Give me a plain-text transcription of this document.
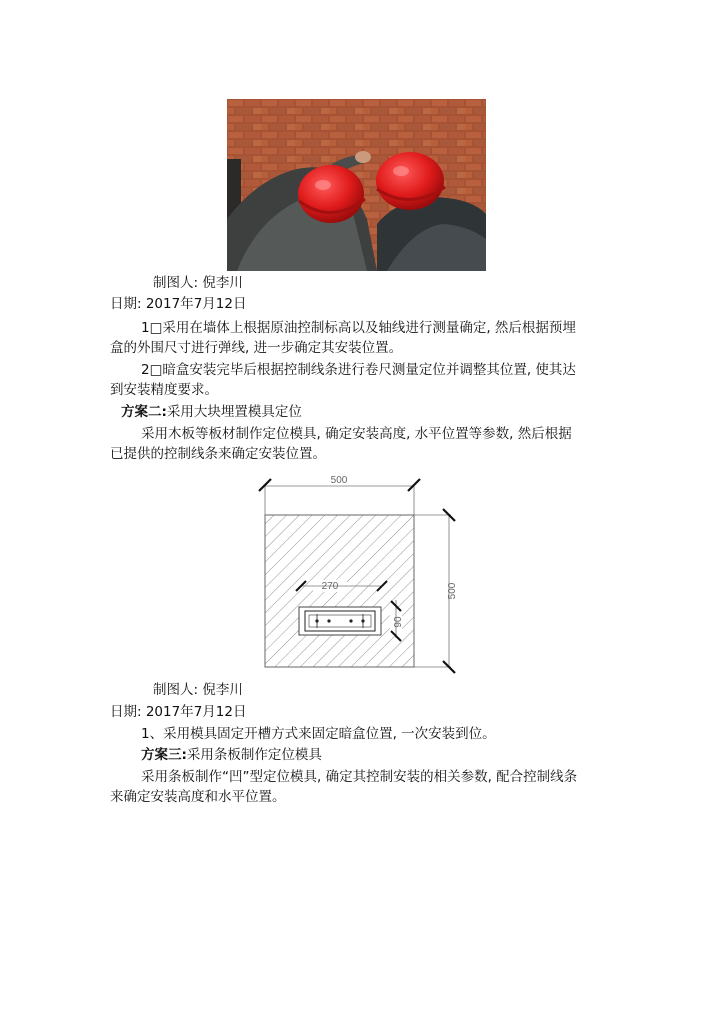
制图人: 倪李川
日期: 2017年7月12日
1□采用在墙体上根据原油控制标高以及轴线进行测量确定, 然后根据预埋
盒的外围尺寸进行弹线, 进一步确定其安装位置。
2□暗盒安装完毕后根据控制线条进行卷尺测量定位并调整其位置, 使其达
到安装精度要求。
方案二:采用大块埋置模具定位
采用木板等板材制作定位模具, 确定安装高度, 水平位置等参数, 然后根据
已提供的控制线条来确定安装位置。
500
500
270
90
制图人: 倪李川
日期: 2017年7月12日
1、采用模具固定开槽方式来固定暗盒位置, 一次安装到位。
方案三:采用条板制作定位模具
采用条板制作“凹”型定位模具, 确定其控制安装的相关参数, 配合控制线条
来确定安装高度和水平位置。
